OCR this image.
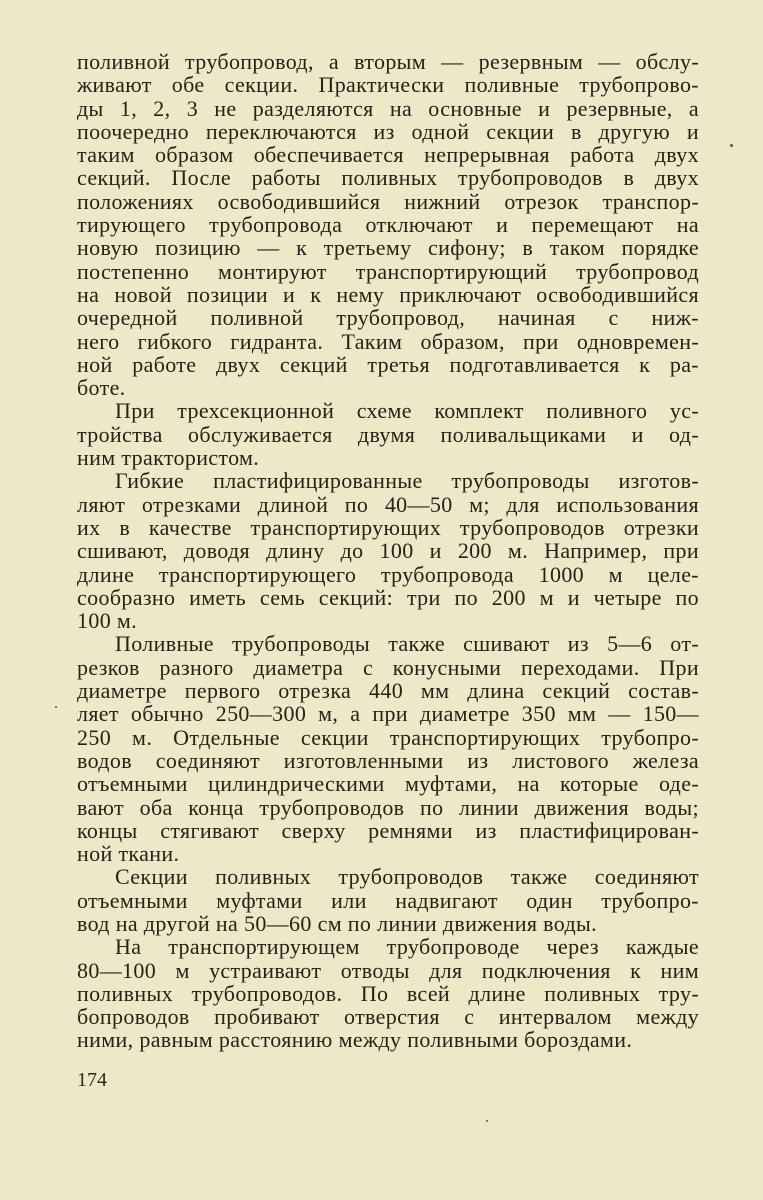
поливной трубопровод, а вторым — резервным — обслу-
живают обе секции. Практически поливные трубопрово-
ды 1, 2, 3 не разделяются на основные и резервные, а
поочередно переключаются из одной секции в другую и
таким образом обеспечивается непрерывная работа двух
секций. После работы поливных трубопроводов в двух
положениях освободившийся нижний отрезок транспор-
тирующего трубопровода отключают и перемещают на
новую позицию — к третьему сифону; в таком порядке
постепенно монтируют транспортирующий трубопровод
на новой позиции и к нему приключают освободившийся
очередной поливной трубопровод, начиная с ниж-
него гибкого гидранта. Таким образом, при одновремен-
ной работе двух секций третья подготавливается к ра-
боте.
При трехсекционной схеме комплект поливного ус-
тройства обслуживается двумя поливальщиками и од-
ним трактористом.
Гибкие пластифицированные трубопроводы изготов-
ляют отрезками длиной по 40—50 м; для использования
их в качестве транспортирующих трубопроводов отрезки
сшивают, доводя длину до 100 и 200 м. Например, при
длине транспортирующего трубопровода 1000 м целе-
сообразно иметь семь секций: три по 200 м и четыре по
100 м.
Поливные трубопроводы также сшивают из 5—6 от-
резков разного диаметра с конусными переходами. При
диаметре первого отрезка 440 мм длина секций состав-
ляет обычно 250—300 м, а при диаметре 350 мм — 150—
250 м. Отдельные секции транспортирующих трубопро-
водов соединяют изготовленными из листового железа
отъемными цилиндрическими муфтами, на которые оде-
вают оба конца трубопроводов по линии движения воды;
концы стягивают сверху ремнями из пластифицирован-
ной ткани.
Секции поливных трубопроводов также соединяют
отъемными муфтами или надвигают один трубопро-
вод на другой на 50—60 см по линии движения воды.
На транспортирующем трубопроводе через каждые
80—100 м устраивают отводы для подключения к ним
поливных трубопроводов. По всей длине поливных тру-
бопроводов пробивают отверстия с интервалом между
ними, равным расстоянию между поливными бороздами.
174
